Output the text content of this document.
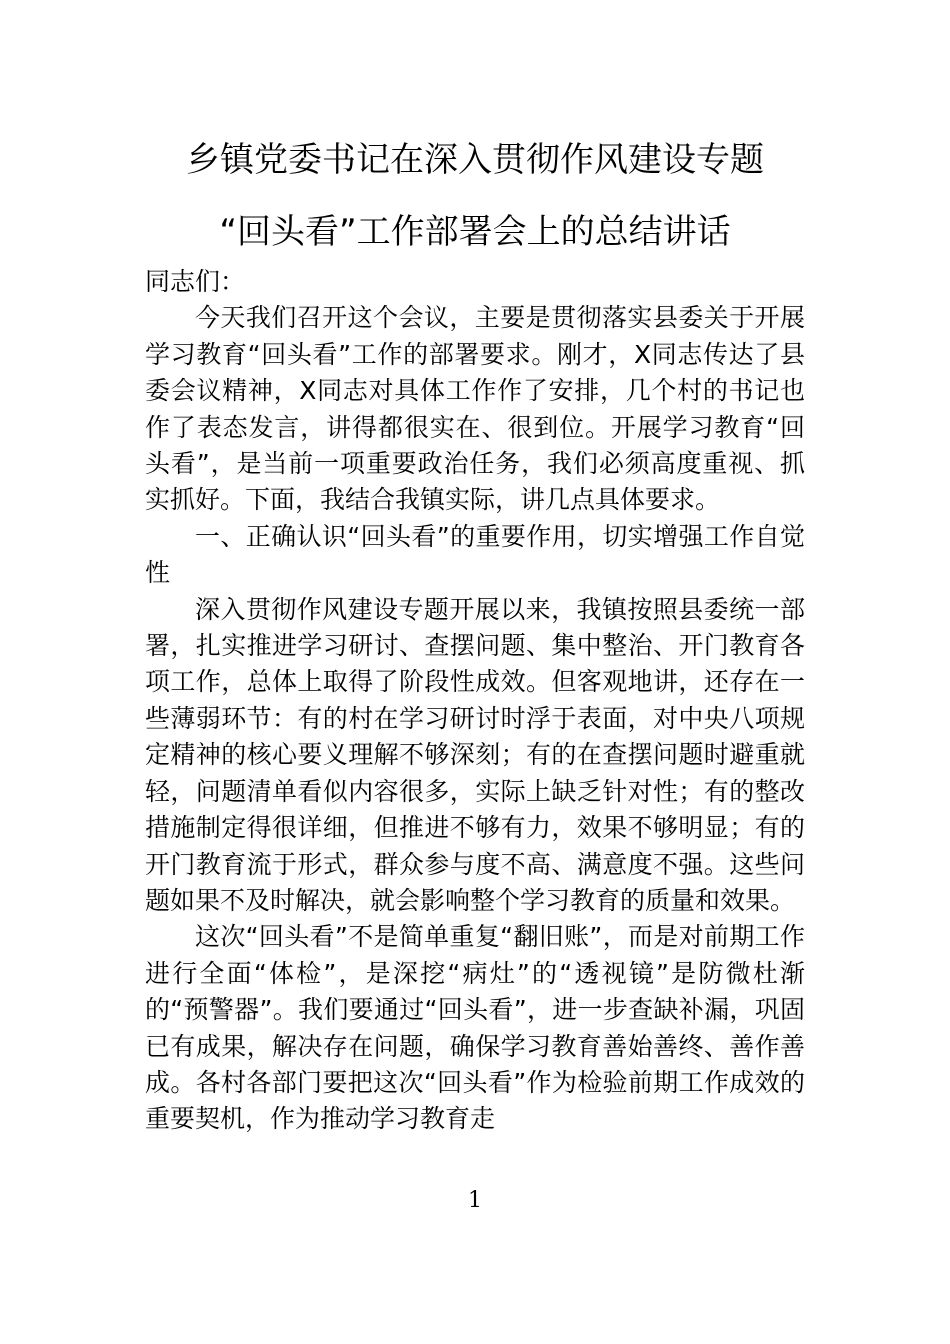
乡镇党委书记在深入贯彻作风建设专题
“回头看”工作部署会上的总结讲话

同志们：

今天我们召开这个会议，主要是贯彻落实县委关于开展学习教育“回头看”工作的部署要求。刚才，X同志传达了县委会议精神，X同志对具体工作作了安排，几个村的书记也作了表态发言，讲得都很实在、很到位。开展学习教育“回头看”，是当前一项重要政治任务，我们必须高度重视、抓实抓好。下面，我结合我镇实际，讲几点具体要求。

一、正确认识“回头看”的重要作用，切实增强工作自觉性

深入贯彻作风建设专题开展以来，我镇按照县委统一部署，扎实推进学习研讨、查摆问题、集中整治、开门教育各项工作，总体上取得了阶段性成效。但客观地讲，还存在一些薄弱环节：有的村在学习研讨时浮于表面，对中央八项规定精神的核心要义理解不够深刻；有的在查摆问题时避重就轻，问题清单看似内容很多，实际上缺乏针对性；有的整改措施制定得很详细，但推进不够有力，效果不够明显；有的开门教育流于形式，群众参与度不高、满意度不强。这些问题如果不及时解决，就会影响整个学习教育的质量和效果。

这次“回头看”不是简单重复“翻旧账”，而是对前期工作进行全面“体检”，是深挖“病灶”的“透视镜”是防微杜渐的“预警器”。我们要通过“回头看”，进一步查缺补漏，巩固已有成果，解决存在问题，确保学习教育善始善终、善作善成。各村各部门要把这次“回头看”作为检验前期工作成效的重要契机，作为推动学习教育走

1
